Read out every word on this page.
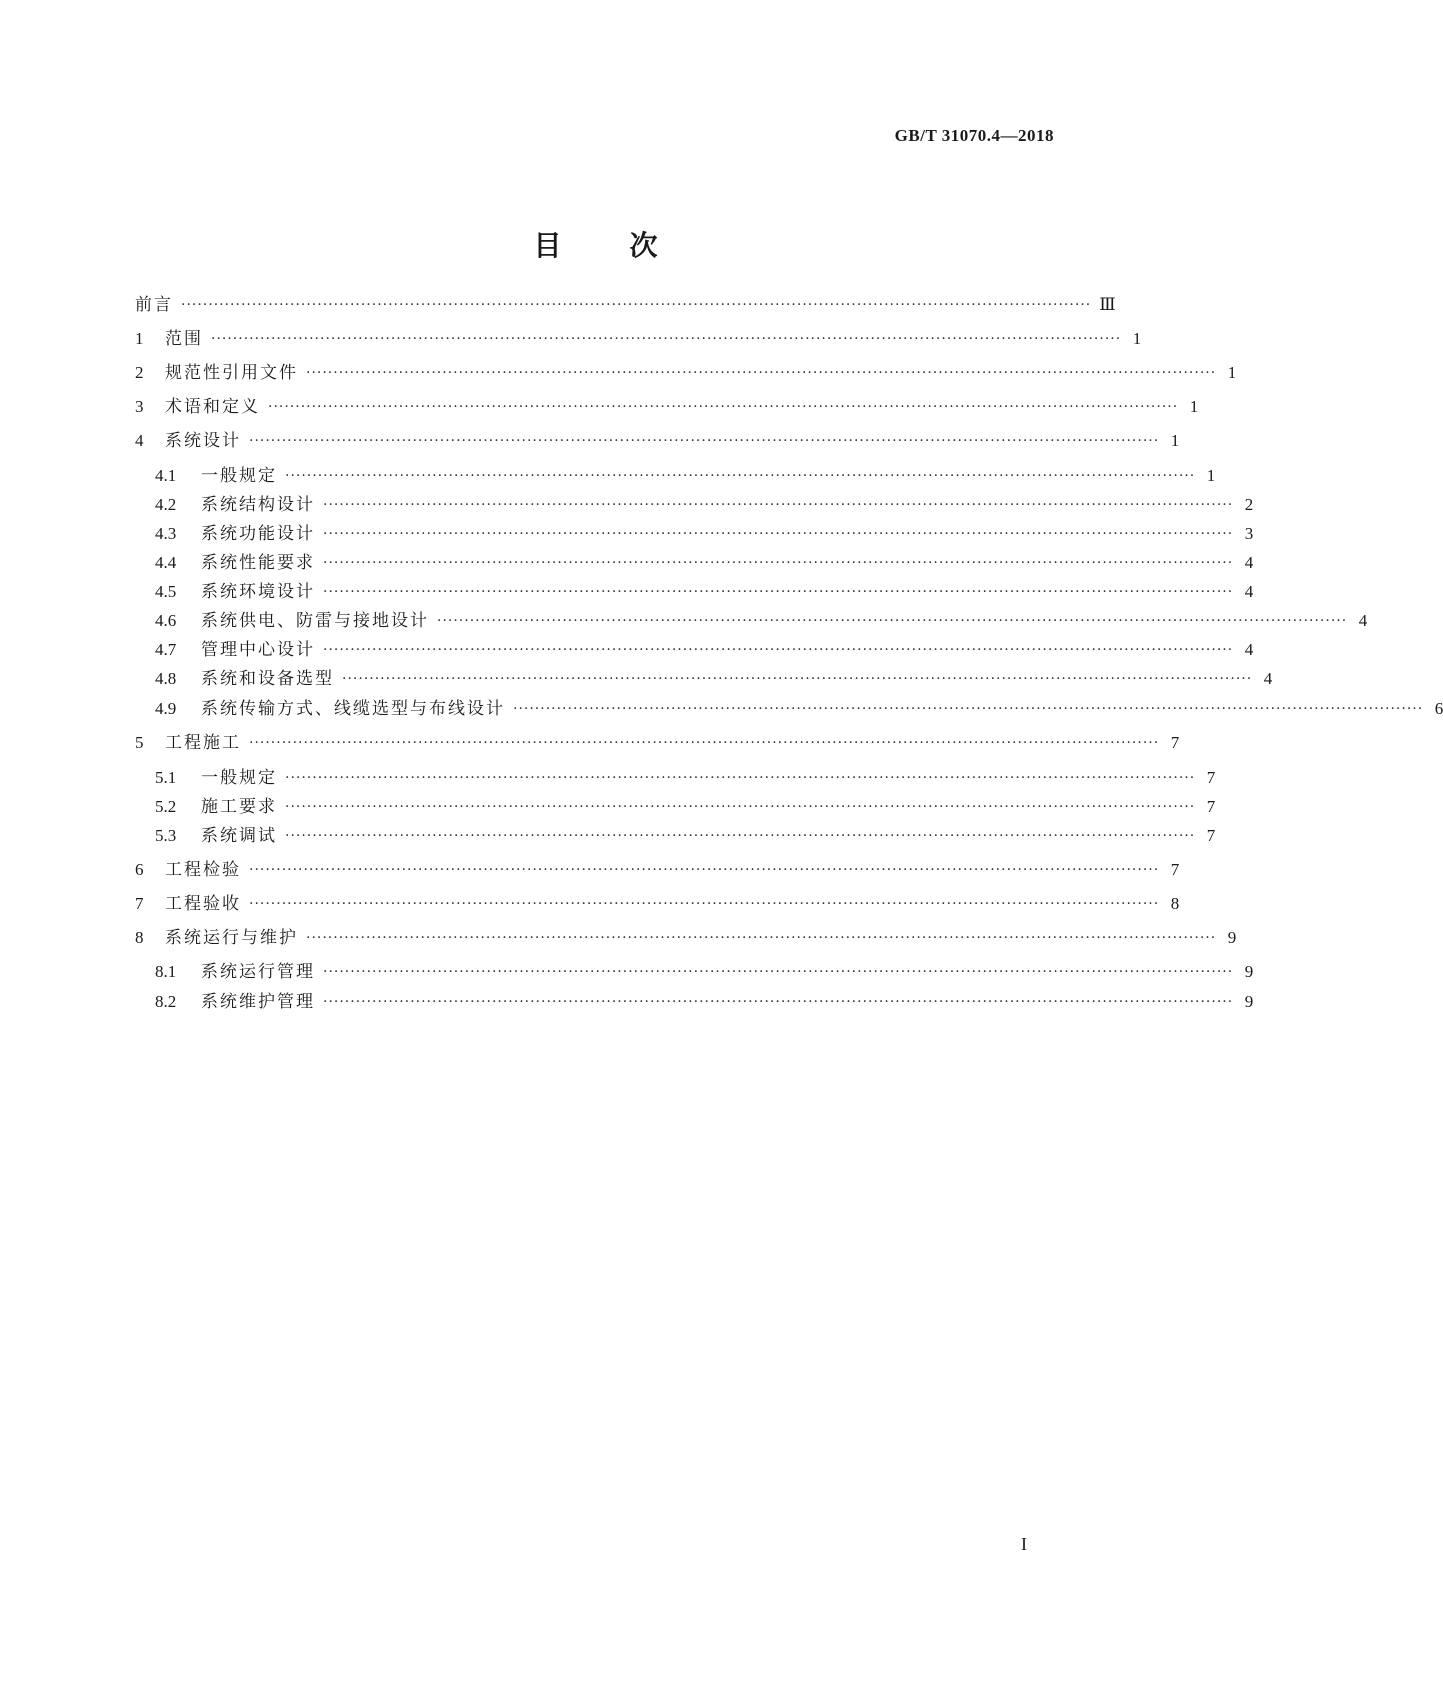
GB/T 31070.4—2018
目 次
前言 ······································································································································································· Ⅲ
1	范围 ······································································································································································· 1
2	规范性引用文件 ······································································································································································· 1
3	术语和定义 ······································································································································································· 1
4	系统设计 ······································································································································································· 1
4.1	一般规定 ······································································································································································· 1
4.2	系统结构设计 ······································································································································································· 2
4.3	系统功能设计 ······································································································································································· 3
4.4	系统性能要求 ······································································································································································· 4
4.5	系统环境设计 ······································································································································································· 4
4.6	系统供电、防雷与接地设计 ······································································································································································· 4
4.7	管理中心设计 ······································································································································································· 4
4.8	系统和设备选型 ······································································································································································· 4
4.9	系统传输方式、线缆选型与布线设计 ······································································································································································· 6
5	工程施工 ······································································································································································· 7
5.1	一般规定 ······································································································································································· 7
5.2	施工要求 ······································································································································································· 7
5.3	系统调试 ······································································································································································· 7
6	工程检验 ······································································································································································· 7
7	工程验收 ······································································································································································· 8
8	系统运行与维护 ······································································································································································· 9
8.1	系统运行管理 ······································································································································································· 9
8.2	系统维护管理 ······································································································································································· 9
I
